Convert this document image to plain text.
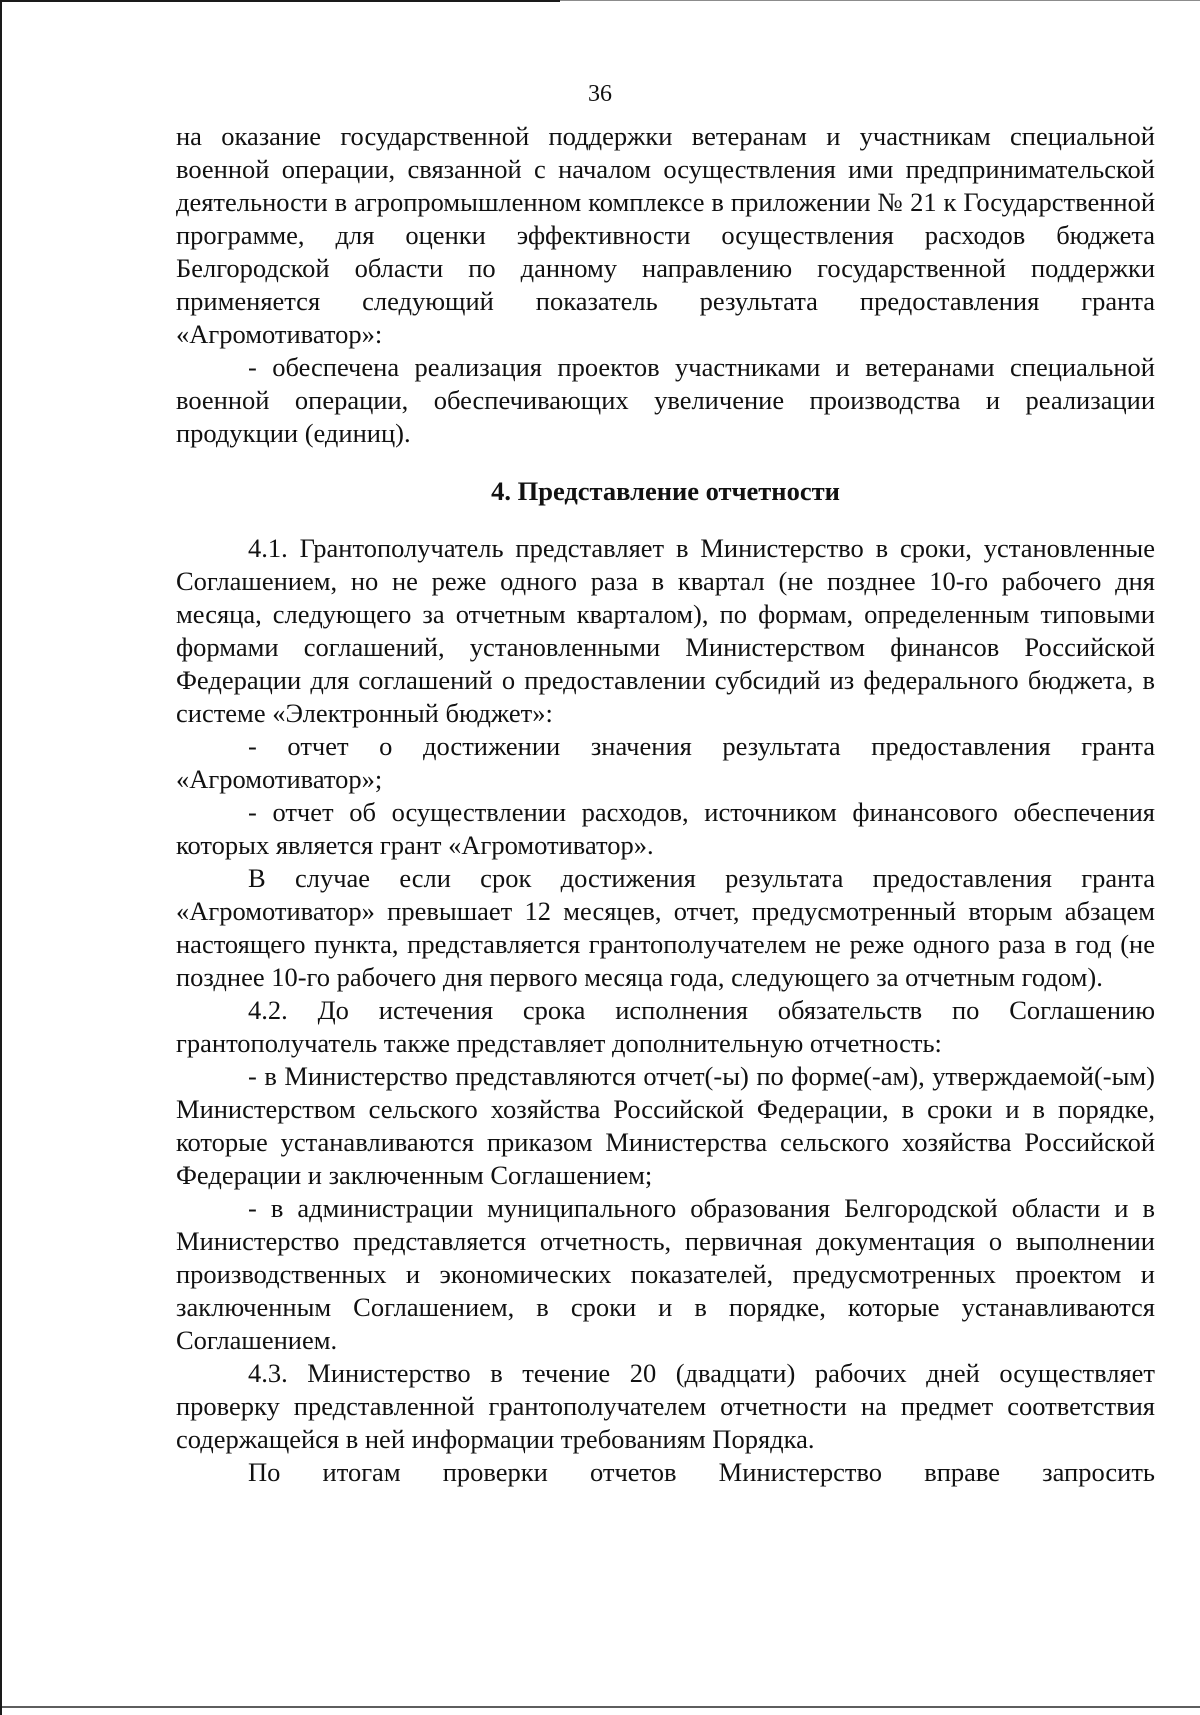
36

на оказание государственной поддержки ветеранам и участникам специальной военной операции, связанной с началом осуществления ими предпринимательской деятельности в агропромышленном комплексе в приложении № 21 к Государственной программе, для оценки эффективности осуществления расходов бюджета Белгородской области по данному направлению государственной поддержки применяется следующий показатель результата предоставления гранта «Агромотиватор»:

- обеспечена реализация проектов участниками и ветеранами специальной военной операции, обеспечивающих увеличение производства и реализации продукции (единиц).

4. Представление отчетности

4.1. Грантополучатель представляет в Министерство в сроки, установленные Соглашением, но не реже одного раза в квартал (не позднее 10-го рабочего дня месяца, следующего за отчетным кварталом), по формам, определенным типовыми формами соглашений, установленными Министерством финансов Российской Федерации для соглашений о предоставлении субсидий из федерального бюджета, в системе «Электронный бюджет»:

- отчет о достижении значения результата предоставления гранта «Агромотиватор»;

- отчет об осуществлении расходов, источником финансового обеспечения которых является грант «Агромотиватор».

В случае если срок достижения результата предоставления гранта «Агромотиватор» превышает 12 месяцев, отчет, предусмотренный вторым абзацем настоящего пункта, представляется грантополучателем не реже одного раза в год (не позднее 10-го рабочего дня первого месяца года, следующего за отчетным годом).

4.2. До истечения срока исполнения обязательств по Соглашению грантополучатель также представляет дополнительную отчетность:

- в Министерство представляются отчет(-ы) по форме(-ам), утверждаемой(-ым) Министерством сельского хозяйства Российской Федерации, в сроки и в порядке, которые устанавливаются приказом Министерства сельского хозяйства Российской Федерации и заключенным Соглашением;

- в администрации муниципального образования Белгородской области и в Министерство представляется отчетность, первичная документация о выполнении производственных и экономических показателей, предусмотренных проектом и заключенным Соглашением, в сроки и в порядке, которые устанавливаются Соглашением.

4.3. Министерство в течение 20 (двадцати) рабочих дней осуществляет проверку представленной грантополучателем отчетности на предмет соответствия содержащейся в ней информации требованиям Порядка.

По итогам проверки отчетов Министерство вправе запросить
